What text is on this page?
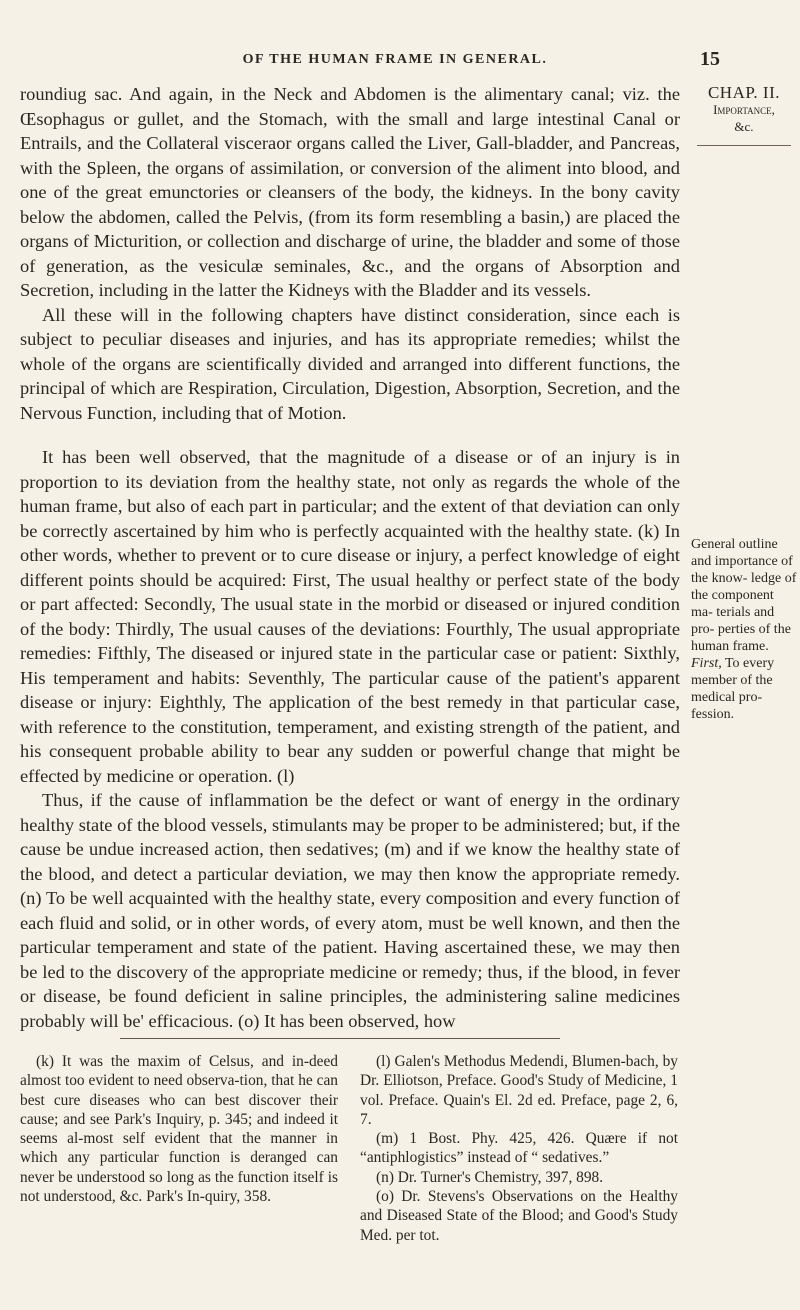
OF THE HUMAN FRAME IN GENERAL.	15
CHAP. II.
Importance,
&c.
General outline and importance of the know- ledge of the component ma- terials and pro- perties of the human frame.
First, To every member of the medical pro- fession.

roundiug sac. And again, in the Neck and Abdomen is the alimentary canal; viz. the Œsophagus or gullet, and the Stomach, with the small and large intestinal Canal or Entrails, and the Collateral visceraor organs called the Liver, Gall-bladder, and Pancreas, with the Spleen, the organs of assimilation, or conversion of the aliment into blood, and one of the great emunctories or cleansers of the body, the kidneys. In the bony cavity below the abdomen, called the Pelvis, (from its form resembling a basin,) are placed the organs of Micturition, or collection and discharge of urine, the bladder and some of those of generation, as the vesiculæ seminales, &c., and the organs of Absorption and Secretion, including in the latter the Kidneys with the Bladder and its vessels.

All these will in the following chapters have distinct consideration, since each is subject to peculiar diseases and injuries, and has its appropriate remedies; whilst the whole of the organs are scientifically divided and arranged into different functions, the principal of which are Respiration, Circulation, Digestion, Absorption, Secretion, and the Nervous Function, including that of Motion.

It has been well observed, that the magnitude of a disease or of an injury is in proportion to its deviation from the healthy state, not only as regards the whole of the human frame, but also of each part in particular; and the extent of that deviation can only be correctly ascertained by him who is perfectly acquainted with the healthy state. (k) In other words, whether to prevent or to cure disease or injury, a perfect knowledge of eight different points should be acquired: First, The usual healthy or perfect state of the body or part affected: Secondly, The usual state in the morbid or diseased or injured condition of the body: Thirdly, The usual causes of the deviations: Fourthly, The usual appropriate remedies: Fifthly, The diseased or injured state in the particular case or patient: Sixthly, His temperament and habits: Seventhly, The particular cause of the patient's apparent disease or injury: Eighthly, The application of the best remedy in that particular case, with reference to the constitution, temperament, and existing strength of the patient, and his consequent probable ability to bear any sudden or powerful change that might be effected by medicine or operation. (l)

Thus, if the cause of inflammation be the defect or want of energy in the ordinary healthy state of the blood vessels, stimulants may be proper to be administered; but, if the cause be undue increased action, then sedatives; (m) and if we know the healthy state of the blood, and detect a particular deviation, we may then know the appropriate remedy. (n) To be well acquainted with the healthy state, every composition and every function of each fluid and solid, or in other words, of every atom, must be well known, and then the particular temperament and state of the patient. Having ascertained these, we may then be led to the discovery of the appropriate medicine or remedy; thus, if the blood, in fever or disease, be found deficient in saline principles, the administering saline medicines probably will be' efficacious. (o) It has been observed, how

(k) It was the maxim of Celsus, and in-deed almost too evident to need observa-tion, that he can best cure diseases who can best discover their cause; and see Park's Inquiry, p. 345; and indeed it seems al-most self evident that the manner in which any particular function is deranged can never be understood so long as the function itself is not understood, &c. Park's In-quiry, 358.

(l) Galen's Methodus Medendi, Blumen-bach, by Dr. Elliotson, Preface. Good's Study of Medicine, 1 vol. Preface. Quain's El. 2d ed. Preface, page 2, 6, 7.

(m) 1 Bost. Phy. 425, 426. Quære if not “antiphlogistics” instead of “ sedatives.”

(n) Dr. Turner's Chemistry, 397, 898.

(o) Dr. Stevens's Observations on the Healthy and Diseased State of the Blood; and Good's Study Med. per tot.
